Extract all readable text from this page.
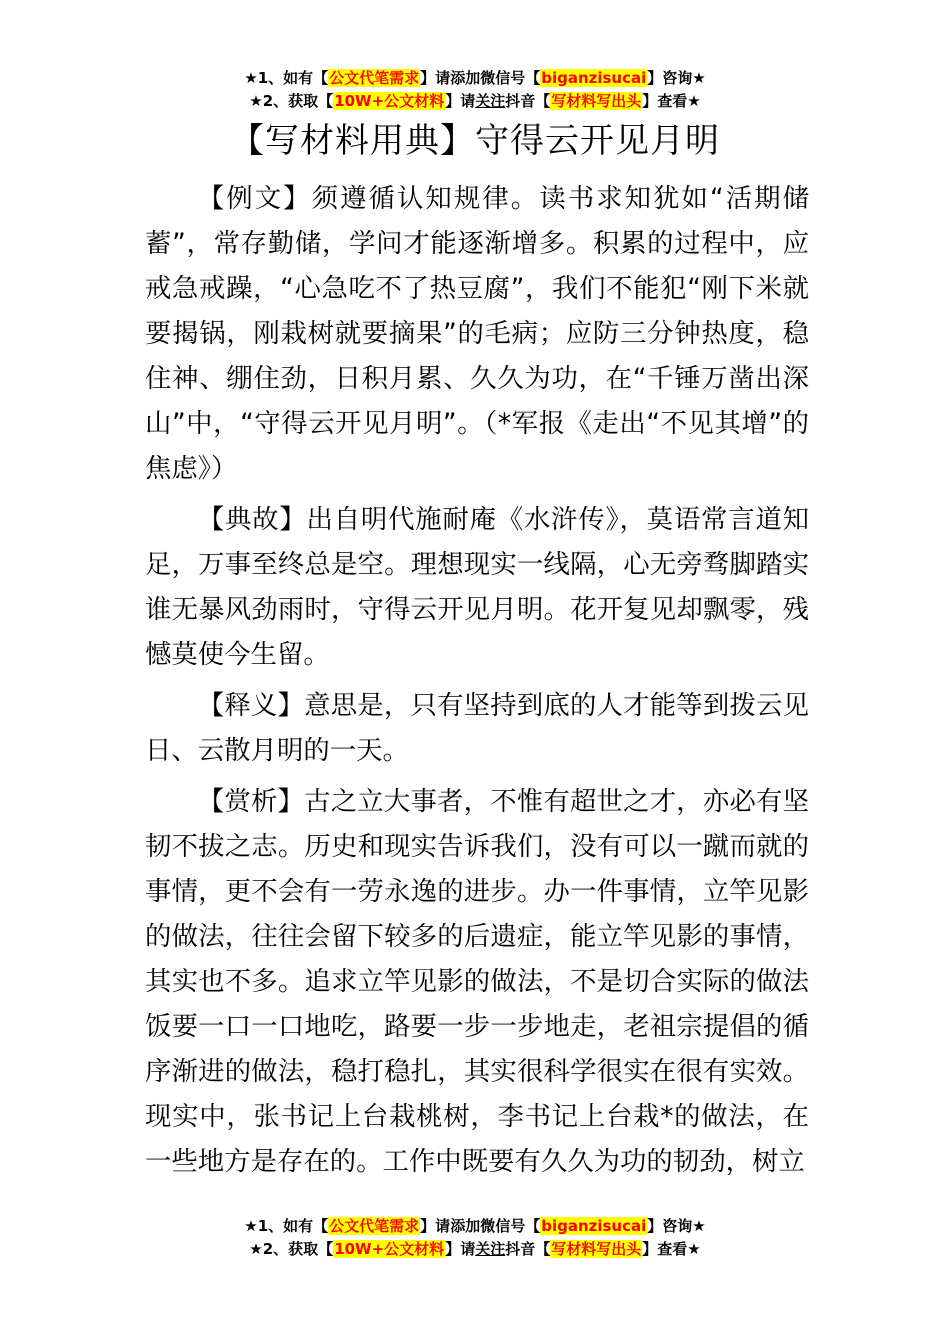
★1、如有【公文代笔需求】请添加微信号【biganzisucai】咨询★
★2、获取【10W+公文材料】请关注抖音【写材料写出头】查看★
【写材料用典】守得云开见月明

【例文】须遵循认知规律。读书求知犹如“活期储蓄”，常存勤储，学问才能逐渐增多。积累的过程中，应戒急戒躁，“心急吃不了热豆腐”，我们不能犯“刚下米就要揭锅，刚栽树就要摘果”的毛病；应防三分钟热度，稳住神、绷住劲，日积月累、久久为功，在“千锤万凿出深山”中，“守得云开见月明”。（*军报《走出“不见其增”的焦虑》）

【典故】出自明代施耐庵《水浒传》，莫语常言道知足，万事至终总是空。理想现实一线隔，心无旁骛脚踏实谁无暴风劲雨时，守得云开见月明。花开复见却飘零，残憾莫使今生留。

【释义】意思是，只有坚持到底的人才能等到拨云见日、云散月明的一天。

【赏析】古之立大事者，不惟有超世之才，亦必有坚韧不拔之志。历史和现实告诉我们，没有可以一蹴而就的事情，更不会有一劳永逸的进步。办一件事情，立竿见影的做法，往往会留下较多的后遗症，能立竿见影的事情，其实也不多。追求立竿见影的做法，不是切合实际的做法饭要一口一口地吃，路要一步一步地走，老祖宗提倡的循序渐进的做法，稳打稳扎，其实很科学很实在很有实效。现实中，张书记上台栽桃树，李书记上台栽*的做法，在一些地方是存在的。工作中既要有久久为功的韧劲，树立

★1、如有【公文代笔需求】请添加微信号【biganzisucai】咨询★
★2、获取【10W+公文材料】请关注抖音【写材料写出头】查看★
